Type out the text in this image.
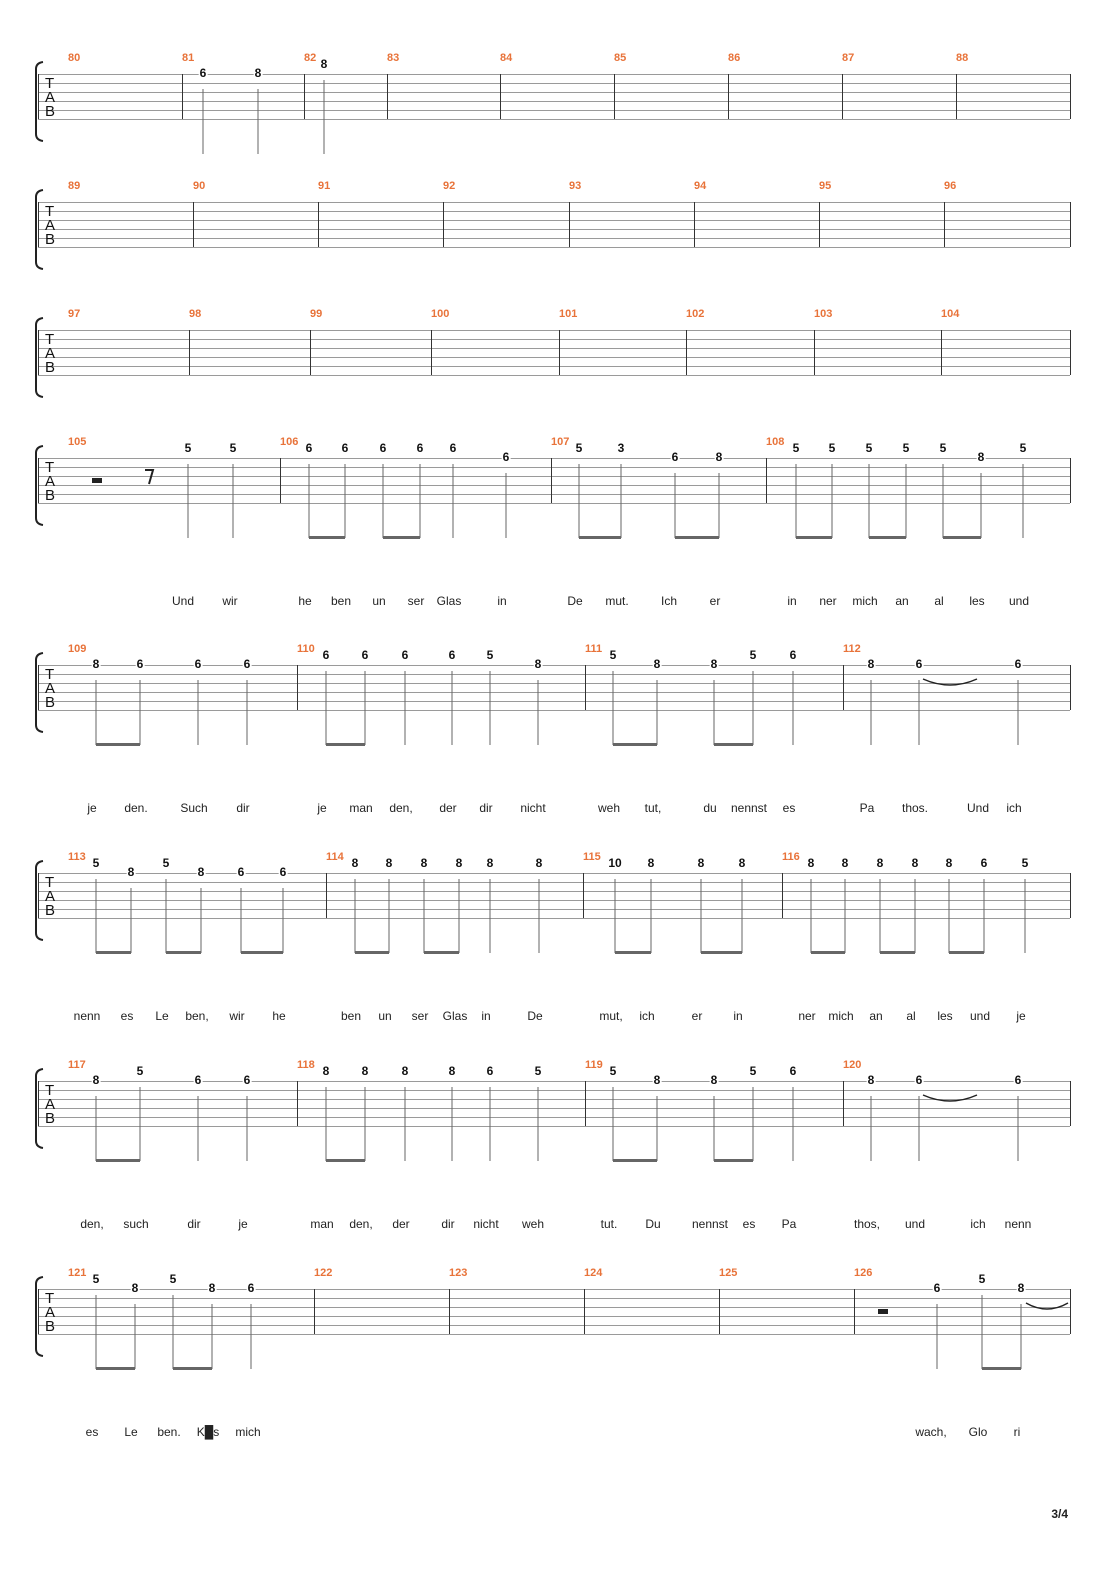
T
A
B
80	81	82	83	84	85	86	87	88
6	8
8
T
A
B
89	90	91	92	93	94	95	96
T
A
B
97	98	99	100	101	102	103	104
T
A
B
105	106	107	108
5	5	6 6	6	6 6
6
5	3
6	8
5 5	5	5	5
8
5
Und wir	he ben un ser Glas	in	De mut.	Ich	er	in ner mich an al les und
T
A
B
109	110	111	112
8	6	6	6
6	6	6	6	5
8
5
8	8
5	6
8	6	6
je den.	Such dir	je man den, der dir nicht	weh tut,	du nennst es	Pa thos.	Und ich
T
A
B
113	114	115	116
5
8
5
8	6	6
8 8 8 8 8	8	10 8	8	8	8 8 8 8 8 6	5
nenn es Le ben, wir he	ben un ser Glas in	De	mut, ich	er	in	ner mich an al les und je
T
A
B
117	118	119	120
8
5
6	6
8	8	8	8	6	5	5
8	8
5	6
8	6	6
den, such	dir	je	man den, der	dir nicht weh	tut. Du	nennst es Pa	thos, und	ich nenn
T
A
B
121	122	123	124	125	126
5
8
5
8	6	6
5
8
es Le ben. K█s mich	wach, Glo ri
3/4
